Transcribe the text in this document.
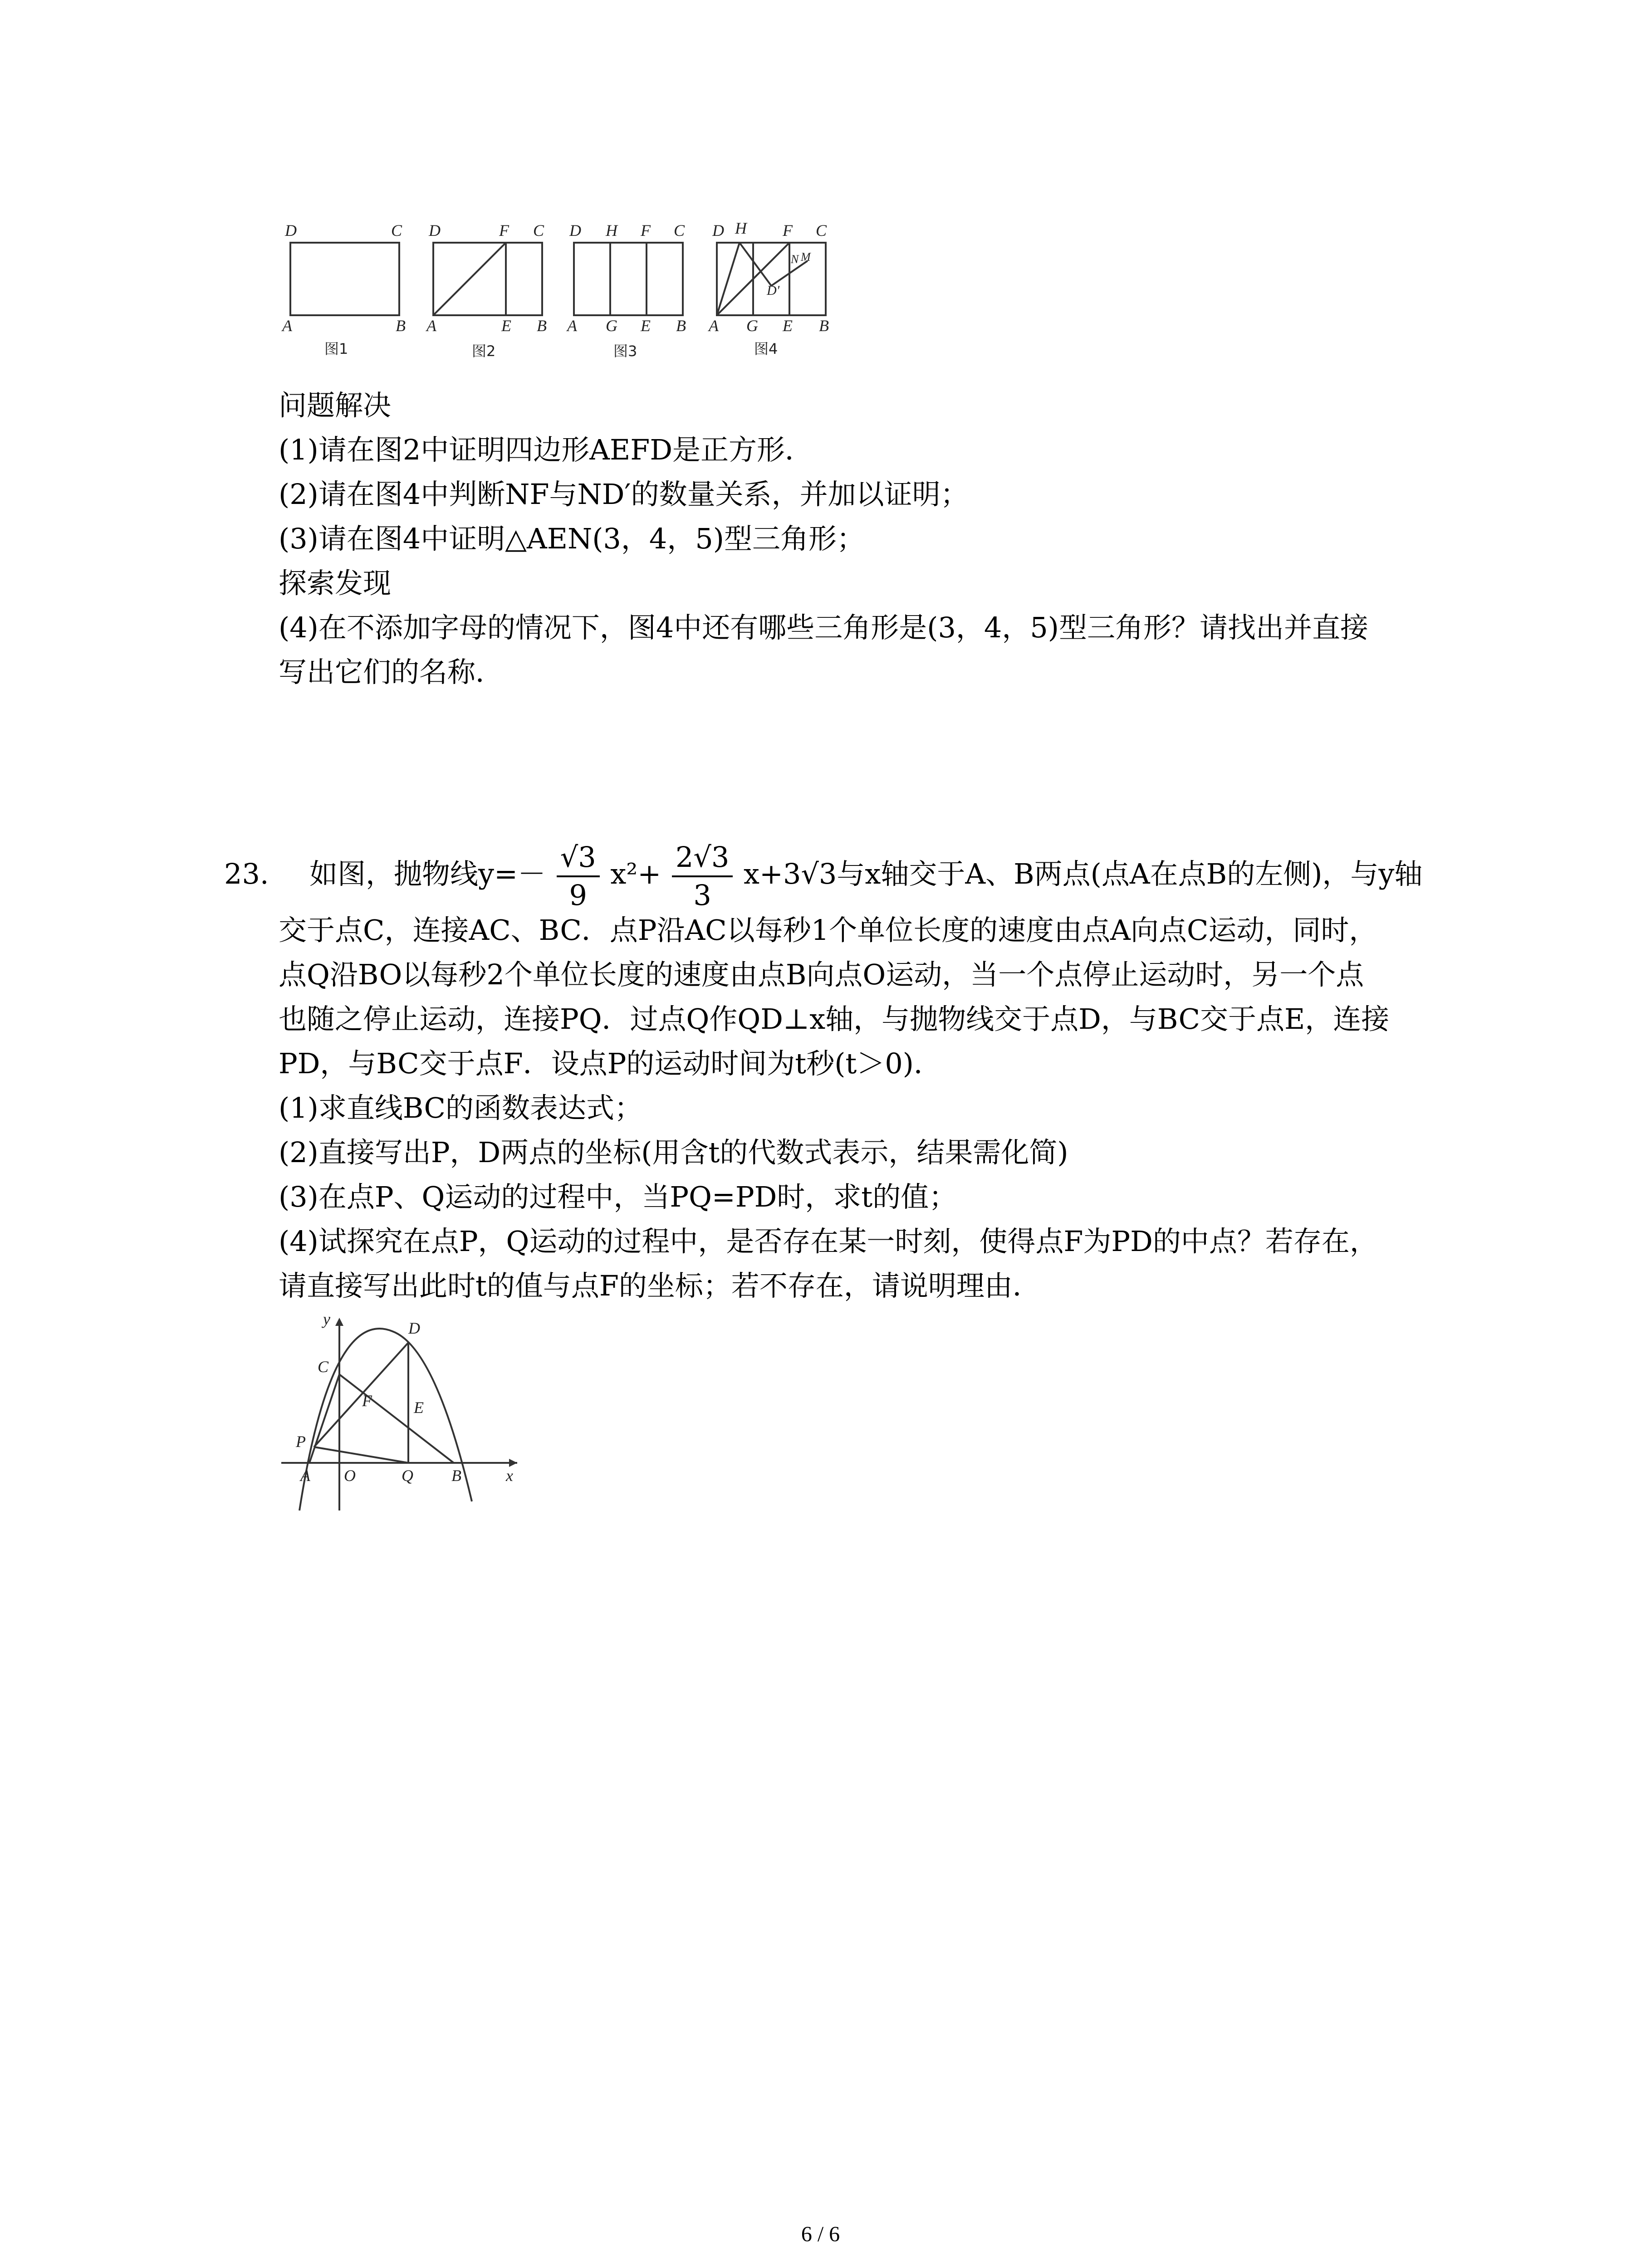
D	C
A	B
图1
D	F C
A	E B
图2
D H F C
A G E B
图3
D H F C
N M
D'
A G E B
图4
问题解决
(1)请在图2中证明四边形AEFD是正方形．
(2)请在图4中判断NF与ND′的数量关系，并加以证明；
(3)请在图4中证明△AEN(3，4，5)型三角形；
探索发现
(4)在不添加字母的情况下，图4中还有哪些三角形是(3，4，5)型三角形？请找出并直接
写出它们的名称．
23. 如图，抛物线$y=- \frac{√3}{9} x^2+ \frac{2√3}{3} x+3√3$与x轴交于A、B两点(点A在点B的左侧)，与y轴
交于点C，连接AC、BC．点P沿AC以每秒1个单位长度的速度由点A向点C运动，同时，
点Q沿BO以每秒2个单位长度的速度由点B向点O运动，当一个点停止运动时，另一个点
也随之停止运动，连接PQ．过点Q作QD⊥x轴，与抛物线交于点D，与BC交于点E，连接
PD，与BC交于点F．设点P的运动时间为t秒(t＞0)．
(1)求直线BC的函数表达式；
(2)直接写出P，D两点的坐标(用含t的代数式表示，结果需化简)
(3)在点P、Q运动的过程中，当PQ=PD时，求t的值；
(4)试探究在点P，Q运动的过程中，是否存在某一时刻，使得点F为PD的中点？若存在，
请直接写出此时t的值与点F的坐标；若不存在，请说明理由．
y
x
C
D
F	E
P
A O	Q B
6 / 6
